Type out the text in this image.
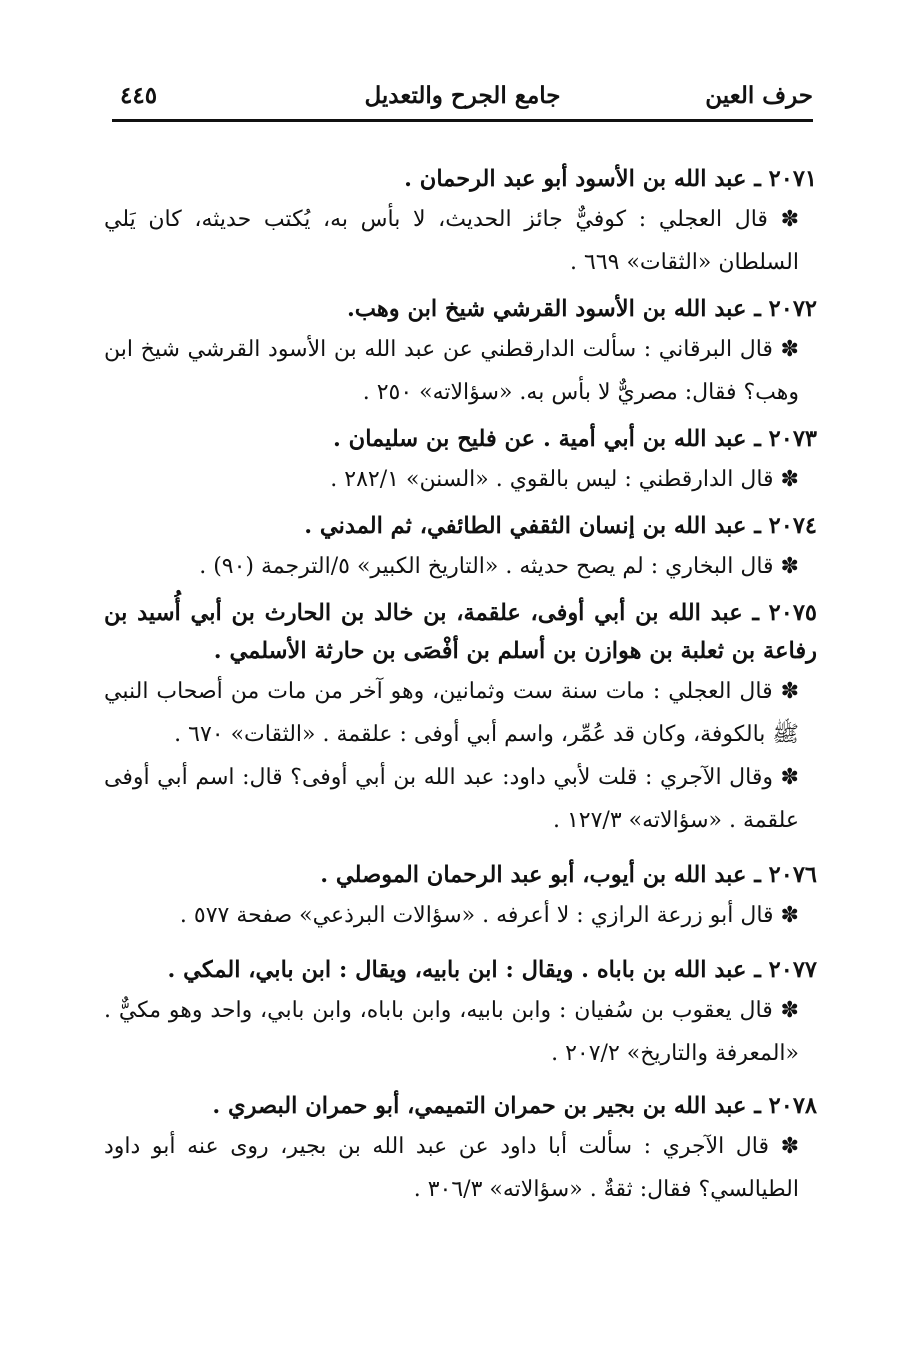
حرف العين
جامع الجرح والتعديل
٤٤٥

٢٠٧١ ـ عبد الله بن الأسود أبو عبد الرحمان .

✽ قال العجلي : كوفيٌّ جائز الحديث، لا بأس به، يُكتب حديثه، كان يَلي السلطان «الثقات» ٦٦٩ .

٢٠٧٢ ـ عبد الله بن الأسود القرشي شيخ ابن وهب.

✽ قال البرقاني : سألت الدارقطني عن عبد الله بن الأسود القرشي شيخ ابن وهب؟ فقال: مصريٌّ لا بأس به. «سؤالاته» ٢٥٠ .

٢٠٧٣ ـ عبد الله بن أبي أمية . عن فليح بن سليمان .

✽ قال الدارقطني : ليس بالقوي . «السنن» ٢٨٢/١ .

٢٠٧٤ ـ عبد الله بن إنسان الثقفي الطائفي، ثم المدني .

✽ قال البخاري : لم يصح حديثه . «التاريخ الكبير» ٥/الترجمة (٩٠) .

٢٠٧٥ ـ عبد الله بن أبي أوفى، علقمة، بن خالد بن الحارث بن أبي أُسيد بن رفاعة بن ثعلبة بن هوازن بن أسلم بن أفْصَى بن حارثة الأسلمي .

✽ قال العجلي : مات سنة ست وثمانين، وهو آخر من مات من أصحاب النبي ﷺ بالكوفة، وكان قد عُمِّر، واسم أبي أوفى : علقمة . «الثقات» ٦٧٠ .

✽ وقال الآجري : قلت لأبي داود: عبد الله بن أبي أوفى؟ قال: اسم أبي أوفى علقمة . «سؤالاته» ١٢٧/٣ .

٢٠٧٦ ـ عبد الله بن أيوب، أبو عبد الرحمان الموصلي .

✽ قال أبو زرعة الرازي : لا أعرفه . «سؤالات البرذعي» صفحة ٥٧٧ .

٢٠٧٧ ـ عبد الله بن باباه . ويقال : ابن بابيه، ويقال : ابن بابي، المكي .

✽ قال يعقوب بن سُفيان : وابن بابيه، وابن باباه، وابن بابي، واحد وهو مكيٌّ . «المعرفة والتاريخ» ٢٠٧/٢ .

٢٠٧٨ ـ عبد الله بن بجير بن حمران التميمي، أبو حمران البصري .

✽ قال الآجري : سألت أبا داود عن عبد الله بن بجير، روى عنه أبو داود الطيالسي؟ فقال: ثقةٌ . «سؤالاته» ٣٠٦/٣ .
